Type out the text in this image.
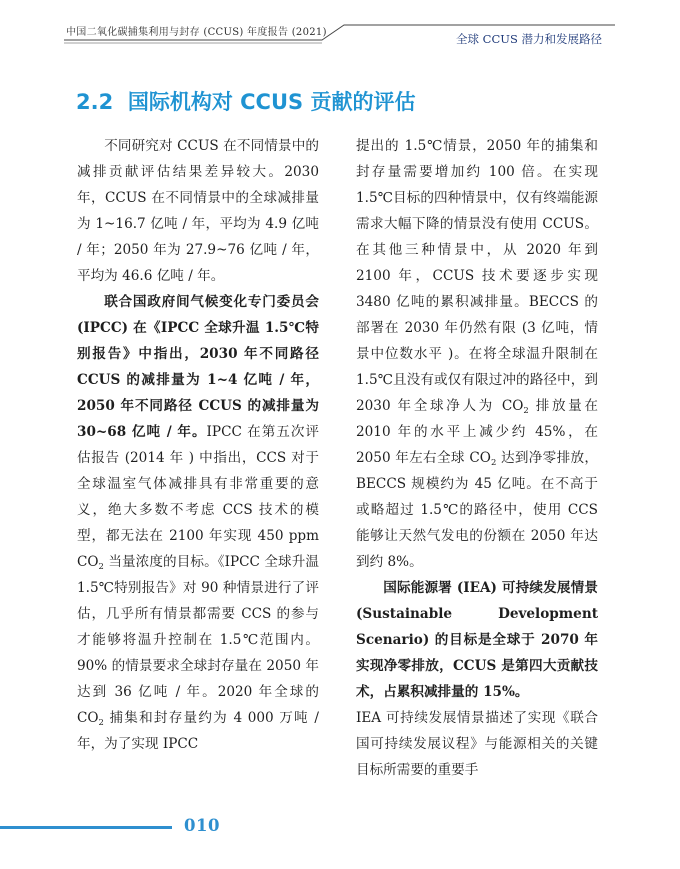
中国二氧化碳捕集利用与封存 (CCUS) 年度报告 (2021)	全球 CCUS 潜力和发展路径
2.2 国际机构对 CCUS 贡献的评估

不同研究对 CCUS 在不同情景中的减排贡献评估结果差异较大。2030 年，CCUS 在不同情景中的全球减排量为 1~16.7 亿吨 / 年，平均为 4.9 亿吨 / 年；2050 年为 27.9~76 亿吨 / 年，平均为 46.6 亿吨 / 年。

联合国政府间气候变化专门委员会 (IPCC) 在《IPCC 全球升温 1.5℃特别报告》中指出，2030 年不同路径 CCUS 的减排量为 1~4 亿吨 / 年，2050 年不同路径 CCUS 的减排量为 30~68 亿吨 / 年。IPCC 在第五次评估报告 (2014 年 ) 中指出，CCS 对于全球温室气体减排具有非常重要的意义，绝大多数不考虑 CCS 技术的模型，都无法在 2100 年实现 450 ppm $CO_2$ 当量浓度的目标。《IPCC 全球升温 1.5℃特别报告》对 90 种情景进行了评估，几乎所有情景都需要 CCS 的参与才能够将温升控制在 1.5℃范围内。90% 的情景要求全球封存量在 2050 年达到 36 亿吨 / 年。2020 年全球的 $CO_2$ 捕集和封存量约为 4 000 万吨 / 年，为了实现 IPCC

提出的 1.5℃情景，2050 年的捕集和封存量需要增加约 100 倍。在实现 1.5℃目标的四种情景中，仅有终端能源需求大幅下降的情景没有使用 CCUS。在其他三种情景中，从 2020 年到 2100 年，CCUS 技术要逐步实现 3480 亿吨的累积减排量。BECCS 的部署在 2030 年仍然有限 (3 亿吨，情景中位数水平 )。在将全球温升限制在 1.5℃且没有或仅有限过冲的路径中，到 2030 年全球净人为 $CO_2$ 排放量在 2010 年的水平上减少约 45%，在 2050 年左右全球 $CO_2$ 达到净零排放，BECCS 规模约为 45 亿吨。在不高于或略超过 1.5℃的路径中，使用 CCS 能够让天然气发电的份额在 2050 年达到约 8%。

国际能源署 (IEA) 可持续发展情景 (Sustainable Development Scenario) 的目标是全球于 2070 年实现净零排放，CCUS 是第四大贡献技术，占累积减排量的 15%。

IEA 可持续发展情景描述了实现《联合国可持续发展议程》与能源相关的关键目标所需要的重要手

010
